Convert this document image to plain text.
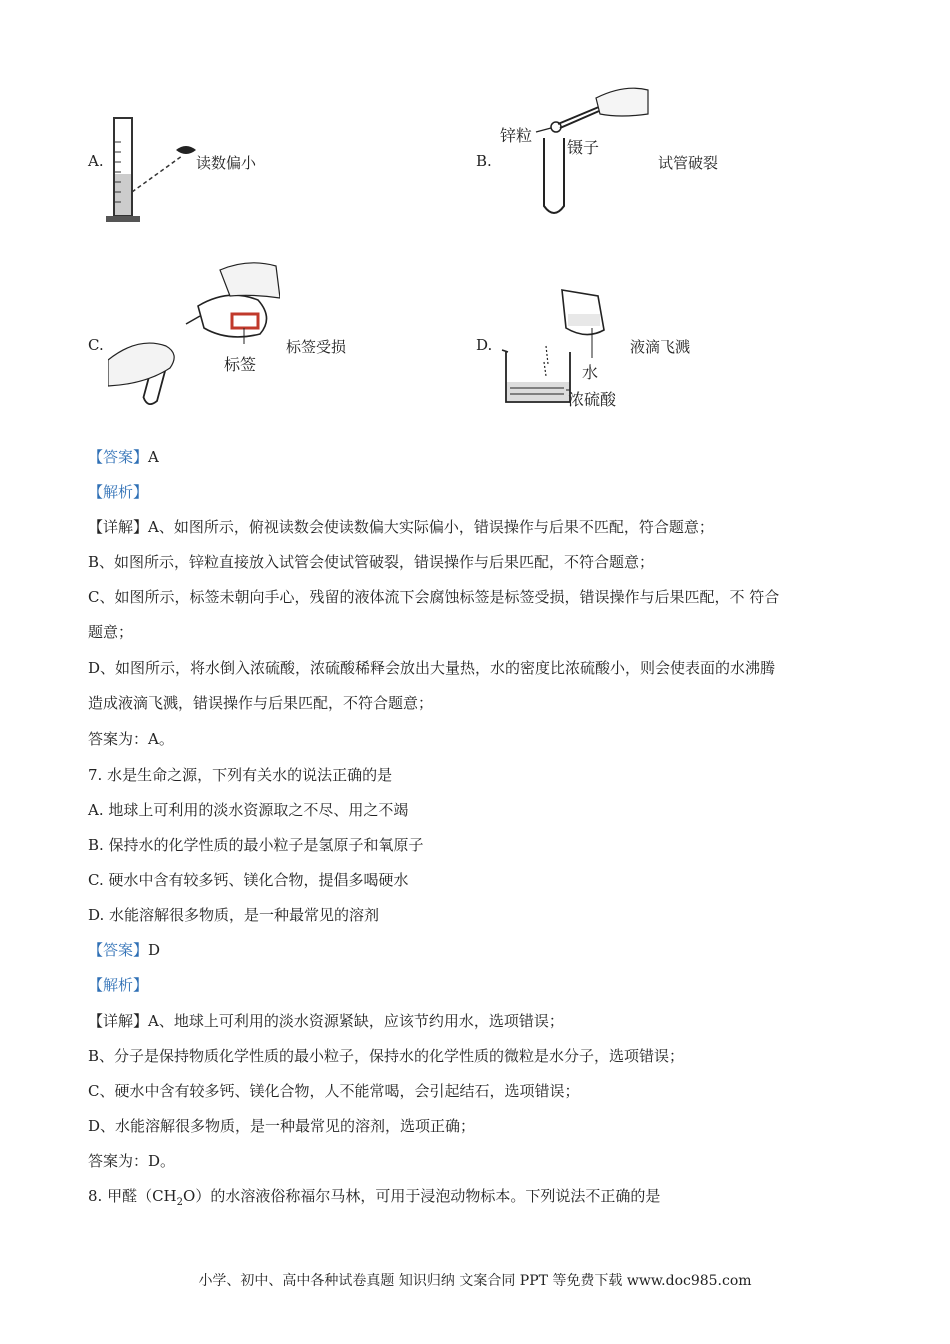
A.	读数偏小	B.
锌粒
镊子
试管破裂
C.
标签
标签受损	D.
水
浓硫酸
液滴飞溅
【答案】A
【解析】
【详解】A、如图所示，俯视读数会使读数偏大实际偏小，错误操作与后果不匹配，符合题意；
B、如图所示，锌粒直接放入试管会使试管破裂，错误操作与后果匹配，不符合题意；
C、如图所示，标签未朝向手心，残留的液体流下会腐蚀标签是标签受损，错误操作与后果匹配，不 符合
题意；
D、如图所示，将水倒入浓硫酸，浓硫酸稀释会放出大量热，水的密度比浓硫酸小，则会使表面的水沸腾
造成液滴飞溅，错误操作与后果匹配，不符合题意；
答案为：A。
7. 水是生命之源，下列有关水的说法正确的是
A. 地球上可利用的淡水资源取之不尽、用之不竭
B. 保持水的化学性质的最小粒子是氢原子和氧原子
C. 硬水中含有较多钙、镁化合物，提倡多喝硬水
D. 水能溶解很多物质，是一种最常见的溶剂
【答案】D
【解析】
【详解】A、地球上可利用的淡水资源紧缺，应该节约用水，选项错误；
B、分子是保持物质化学性质的最小粒子，保持水的化学性质的微粒是水分子，选项错误；
C、硬水中含有较多钙、镁化合物，人不能常喝，会引起结石，选项错误；
D、水能溶解很多物质，是一种最常见的溶剂，选项正确；
答案为：D。
8. 甲醛$(CH_2O)$的水溶液俗称福尔马林，可用于浸泡动物标本。下列说法不正确的是
小学、初中、高中各种试卷真题 知识归纳 文案合同 PPT 等免费下载 www.doc985.com
